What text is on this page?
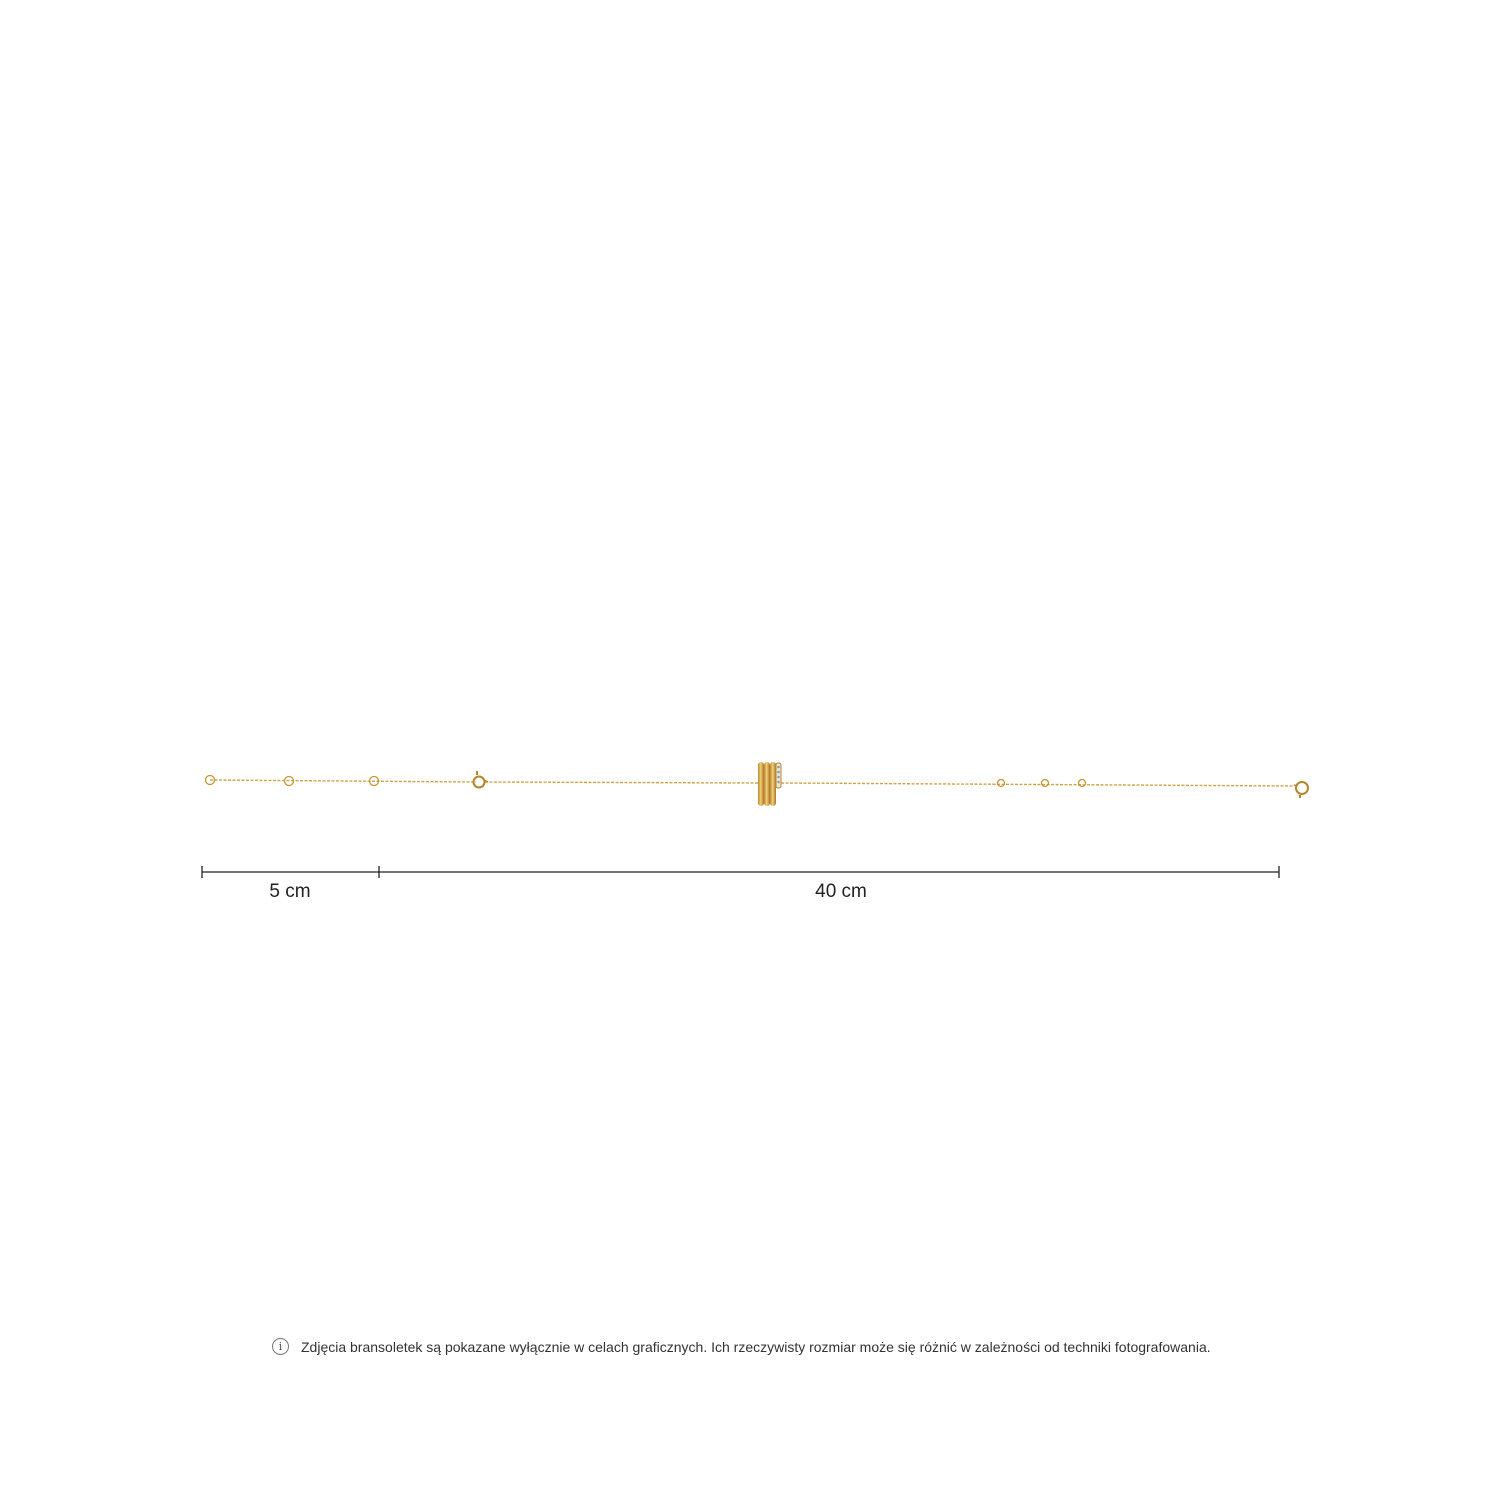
5 cm	40 cm
i	Zdjęcia bransoletek są pokazane wyłącznie w celach graficznych. Ich rzeczywisty rozmiar może się różnić w zależności od techniki fotografowania.
